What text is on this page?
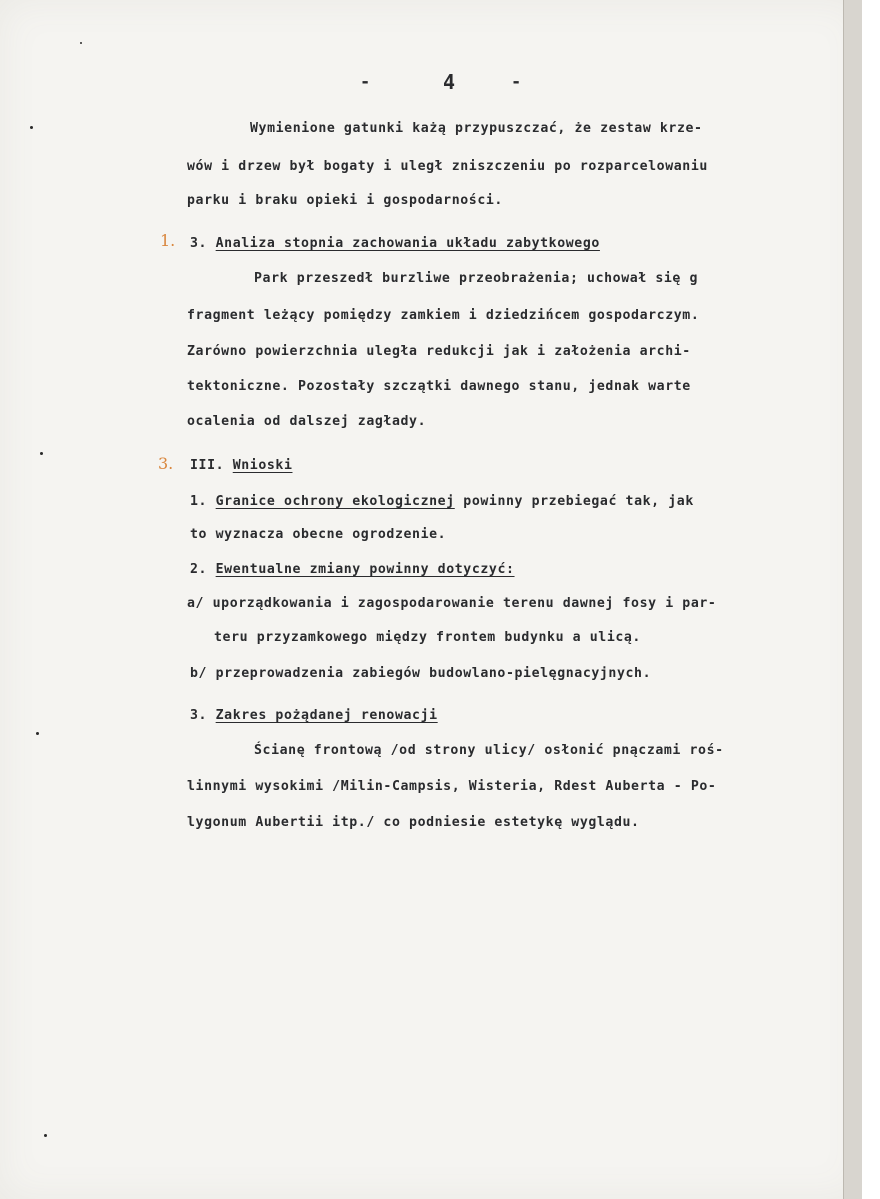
-	4	-

Wymienione gatunki każą przypuszczać, że zestaw krze-

wów i drzew był bogaty i uległ zniszczeniu po rozparcelowaniu

parku i braku opieki i gospodarności.

1. 3. Analiza stopnia zachowania układu zabytkowego

Park przeszedł burzliwe przeobrażenia; uchował się g

fragment leżący pomiędzy zamkiem i dziedzińcem gospodarczym.

Zarówno powierzchnia uległa redukcji jak i założenia archi-

tektoniczne. Pozostały szczątki dawnego stanu, jednak warte

ocalenia od dalszej zagłady.

3. III. Wnioski

1. Granice ochrony ekologicznej powinny przebiegać tak, jak

to wyznacza obecne ogrodzenie.

2. Ewentualne zmiany powinny dotyczyć:

a/ uporządkowania i zagospodarowanie terenu dawnej fosy i par-

teru przyzamkowego między frontem budynku a ulicą.

b/ przeprowadzenia zabiegów budowlano-pielęgnacyjnych.

3. Zakres pożądanej renowacji

Ścianę frontową /od strony ulicy/ osłonić pnączami roś-

linnymi wysokimi /Milin-Campsis, Wisteria, Rdest Auberta - Po-

lygonum Aubertii itp./ co podniesie estetykę wyglądu.
